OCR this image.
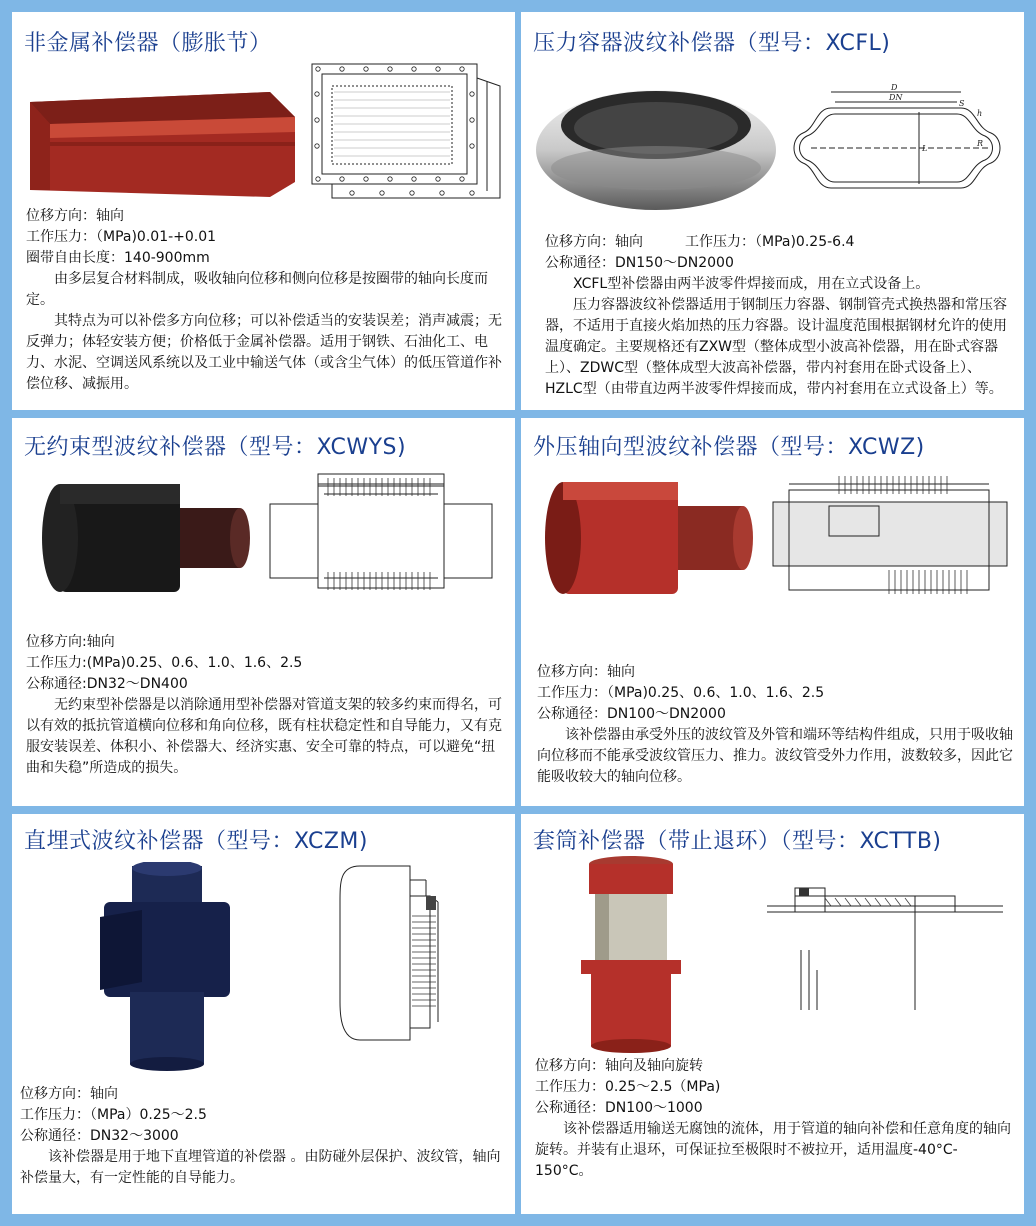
非金属补偿器（膨胀节）
位移方向：轴向
工作压力：（MPa)0.01-+0.01
圈带自由长度：140-900mm

由多层复合材料制成，吸收轴向位移和侧向位移是按圈带的轴向长度而定。

其特点为可以补偿多方向位移；可以补偿适当的安装误差；消声减震；无反弹力；体轻安装方便；价格低于金属补偿器。适用于钢铁、石油化工、电力、水泥、空调送风系统以及工业中输送气体（或含尘气体）的低压管道作补偿位移、减振用。

压力容器波纹补偿器（型号：XCFL)
D
DN
S
h
R
L
位移方向：轴向　　　工作压力：（MPa)0.25-6.4
公称通径：DN150～DN2000

XCFL型补偿器由两半波零件焊接而成，用在立式设备上。

压力容器波纹补偿器适用于钢制压力容器、钢制管壳式换热器和常压容器，不适用于直接火焰加热的压力容器。设计温度范围根据钢材允许的使用温度确定。主要规格还有ZXW型（整体成型小波高补偿器，用在卧式容器上）、ZDWC型（整体成型大波高补偿器，带内衬套用在卧式设备上）、HZLC型（由带直边两半波零件焊接而成，带内衬套用在立式设备上）等。

无约束型波纹补偿器（型号：XCWYS)
位移方向:轴向
工作压力:(MPa)0.25、0.6、1.0、1.6、2.5
公称通径:DN32～DN400

无约束型补偿器是以消除通用型补偿器对管道支架的较多约束而得名，可以有效的抵抗管道横向位移和角向位移，既有柱状稳定性和自导能力，又有克服安装误差、体积小、补偿器大、经济实惠、安全可靠的特点，可以避免“扭曲和失稳”所造成的损失。

外压轴向型波纹补偿器（型号：XCWZ)
位移方向：轴向
工作压力：（MPa)0.25、0.6、1.0、1.6、2.5
公称通径：DN100～DN2000

该补偿器由承受外压的波纹管及外管和端环等结构件组成，只用于吸收轴向位移而不能承受波纹管压力、推力。波纹管受外力作用，波数较多，因此它能吸收较大的轴向位移。

直埋式波纹补偿器（型号：XCZM)
位移方向：轴向
工作压力：（MPa）0.25～2.5
公称通径：DN32～3000

该补偿器是用于地下直埋管道的补偿器 。由防碰外层保护、波纹管，轴向补偿量大，有一定性能的自导能力。

套筒补偿器（带止退环）（型号：XCTTB)
位移方向：轴向及轴向旋转
工作压力：0.25～2.5（MPa)
公称通径：DN100～1000

该补偿器适用输送无腐蚀的流体，用于管道的轴向补偿和任意角度的轴向旋转。并装有止退环，可保证拉至极限时不被拉开，适用温度-40°C-150°C。
